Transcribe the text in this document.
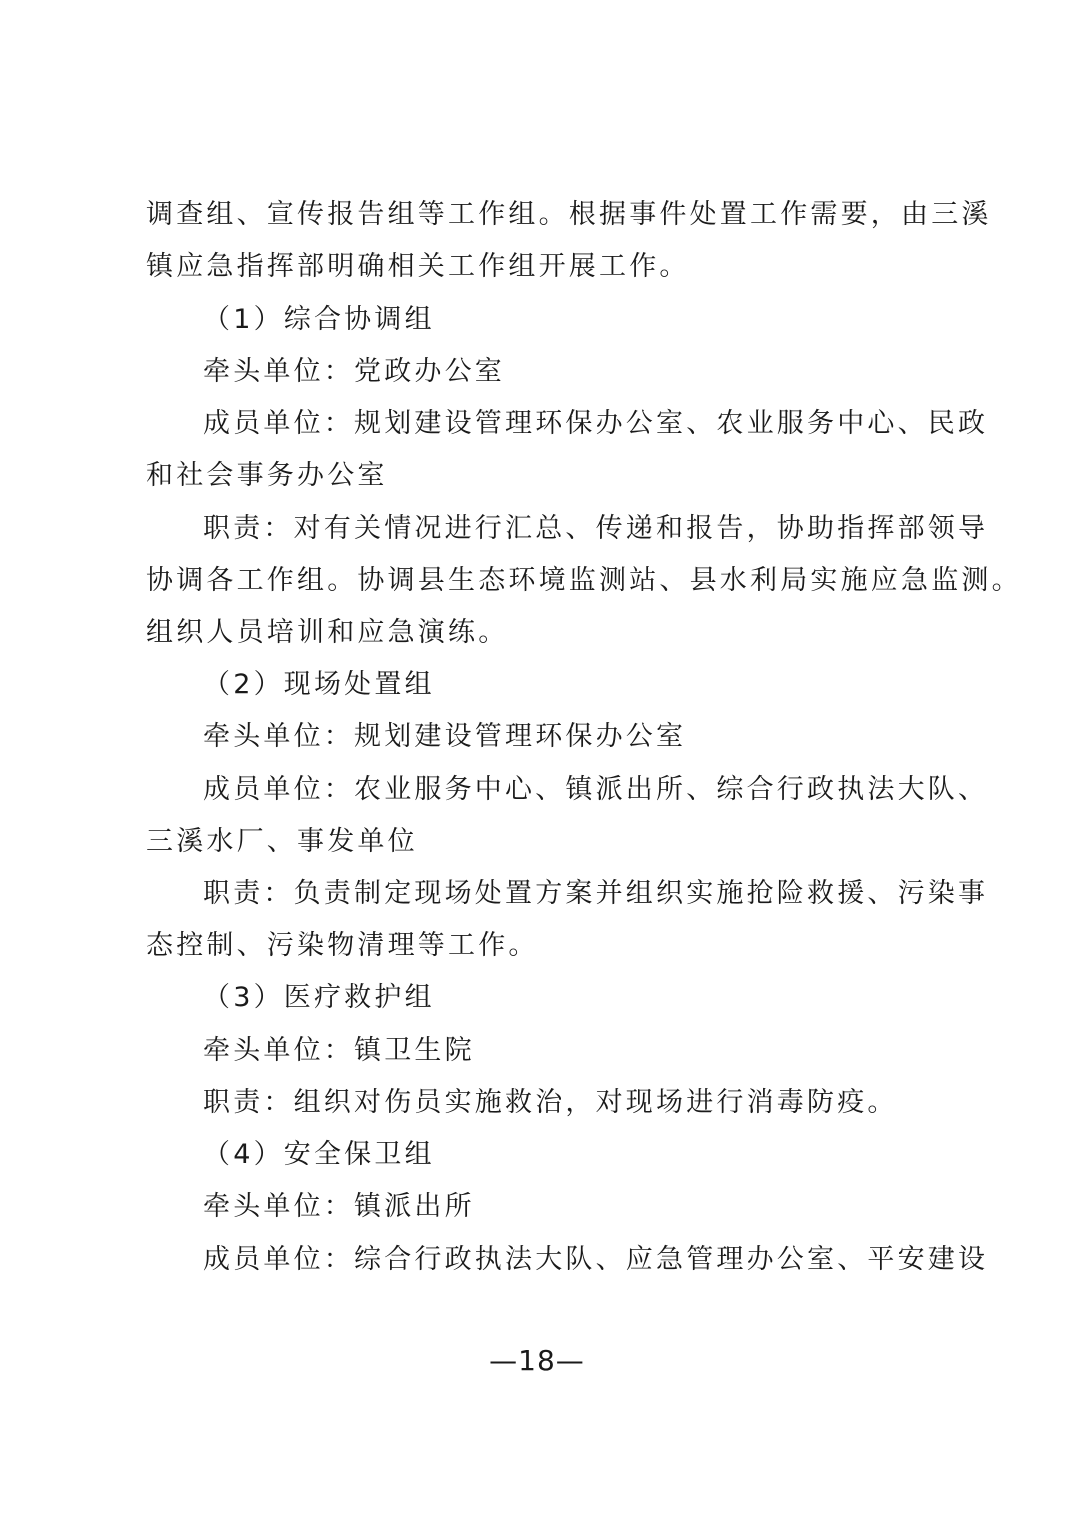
调查组、宣传报告组等工作组。根据事件处置工作需要，由三溪
镇应急指挥部明确相关工作组开展工作。
（1）综合协调组
牵头单位：党政办公室
成员单位：规划建设管理环保办公室、农业服务中心、民政
和社会事务办公室
职责：对有关情况进行汇总、传递和报告，协助指挥部领导
协调各工作组。协调县生态环境监测站、县水利局实施应急监测。
组织人员培训和应急演练。
（2）现场处置组
牵头单位：规划建设管理环保办公室
成员单位：农业服务中心、镇派出所、综合行政执法大队、
三溪水厂、事发单位
职责：负责制定现场处置方案并组织实施抢险救援、污染事
态控制、污染物清理等工作。
（3）医疗救护组
牵头单位：镇卫生院
职责：组织对伤员实施救治，对现场进行消毒防疫。
（4）安全保卫组
牵头单位：镇派出所
成员单位：综合行政执法大队、应急管理办公室、平安建设
—18—
